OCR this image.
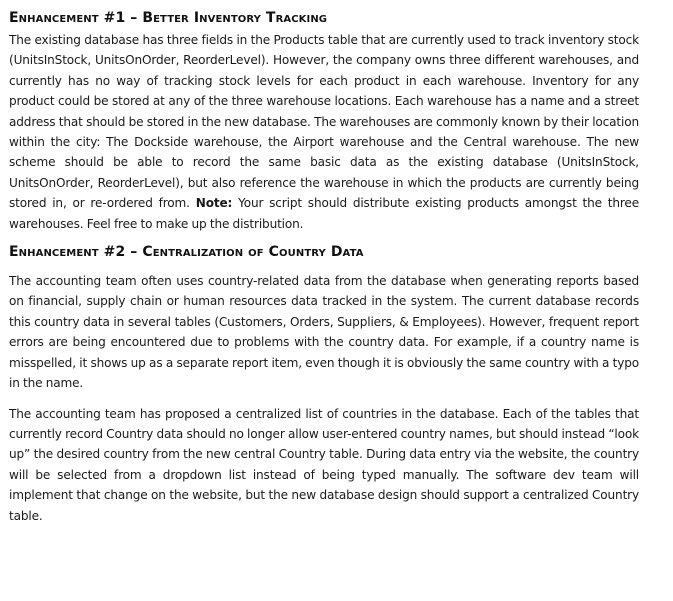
Enhancement #1 – Better Inventory Tracking

The existing database has three fields in the Products table that are currently used to track inventory stock (UnitsInStock, UnitsOnOrder, ReorderLevel). However, the company owns three different warehouses, and currently has no way of tracking stock levels for each product in each warehouse. Inventory for any product could be stored at any of the three warehouse locations. Each warehouse has a name and a street address that should be stored in the new database. The warehouses are commonly known by their location within the city: The Dockside warehouse, the Airport warehouse and the Central warehouse. The new scheme should be able to record the same basic data as the existing database (UnitsInStock, UnitsOnOrder, ReorderLevel), but also reference the warehouse in which the products are currently being stored in, or re-ordered from. Note: Your script should distribute existing products amongst the three warehouses. Feel free to make up the distribution.

Enhancement #2 – Centralization of Country Data

The accounting team often uses country-related data from the database when generating reports based on financial, supply chain or human resources data tracked in the system. The current database records this country data in several tables (Customers, Orders, Suppliers, & Employees). However, frequent report errors are being encountered due to problems with the country data. For example, if a country name is misspelled, it shows up as a separate report item, even though it is obviously the same country with a typo in the name.

The accounting team has proposed a centralized list of countries in the database. Each of the tables that currently record Country data should no longer allow user-entered country names, but should instead “look up” the desired country from the new central Country table. During data entry via the website, the country will be selected from a dropdown list instead of being typed manually. The software dev team will implement that change on the website, but the new database design should support a centralized Country table.
